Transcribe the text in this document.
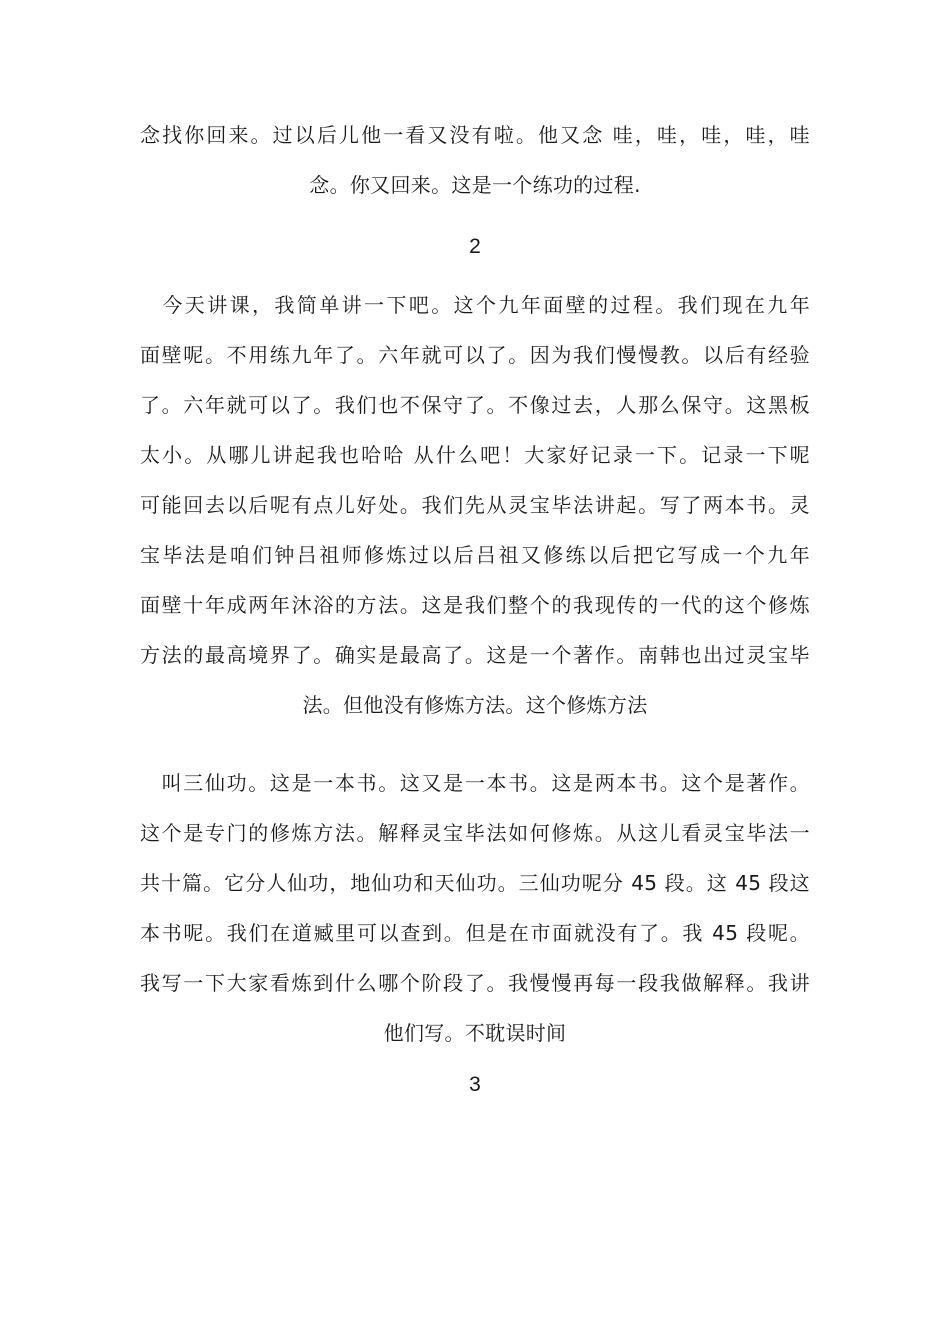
念找你回来。过以后儿他一看又没有啦。他又念 哇，哇，哇，哇，哇
念。你又回来。这是一个练功的过程.
2
　今天讲课，我简单讲一下吧。这个九年面壁的过程。我们现在九年
面壁呢。不用练九年了。六年就可以了。因为我们慢慢教。以后有经验
了。六年就可以了。我们也不保守了。不像过去，人那么保守。这黑板
太小。从哪儿讲起我也哈哈 从什么吧！大家好记录一下。记录一下呢
可能回去以后呢有点儿好处。我们先从灵宝毕法讲起。写了两本书。灵
宝毕法是咱们钟吕祖师修炼过以后吕祖又修练以后把它写成一个九年
面壁十年成两年沐浴的方法。这是我们整个的我现传的一代的这个修炼
方法的最高境界了。确实是最高了。这是一个著作。南韩也出过灵宝毕
法。但他没有修炼方法。这个修炼方法
　叫三仙功。这是一本书。这又是一本书。这是两本书。这个是著作。
这个是专门的修炼方法。解释灵宝毕法如何修炼。从这儿看灵宝毕法一
共十篇。它分人仙功，地仙功和天仙功。三仙功呢分 45 段。这 45 段这
本书呢。我们在道臧里可以查到。但是在市面就没有了。我 45 段呢。
我写一下大家看炼到什么哪个阶段了。我慢慢再每一段我做解释。我讲
他们写。不耽误时间
3
